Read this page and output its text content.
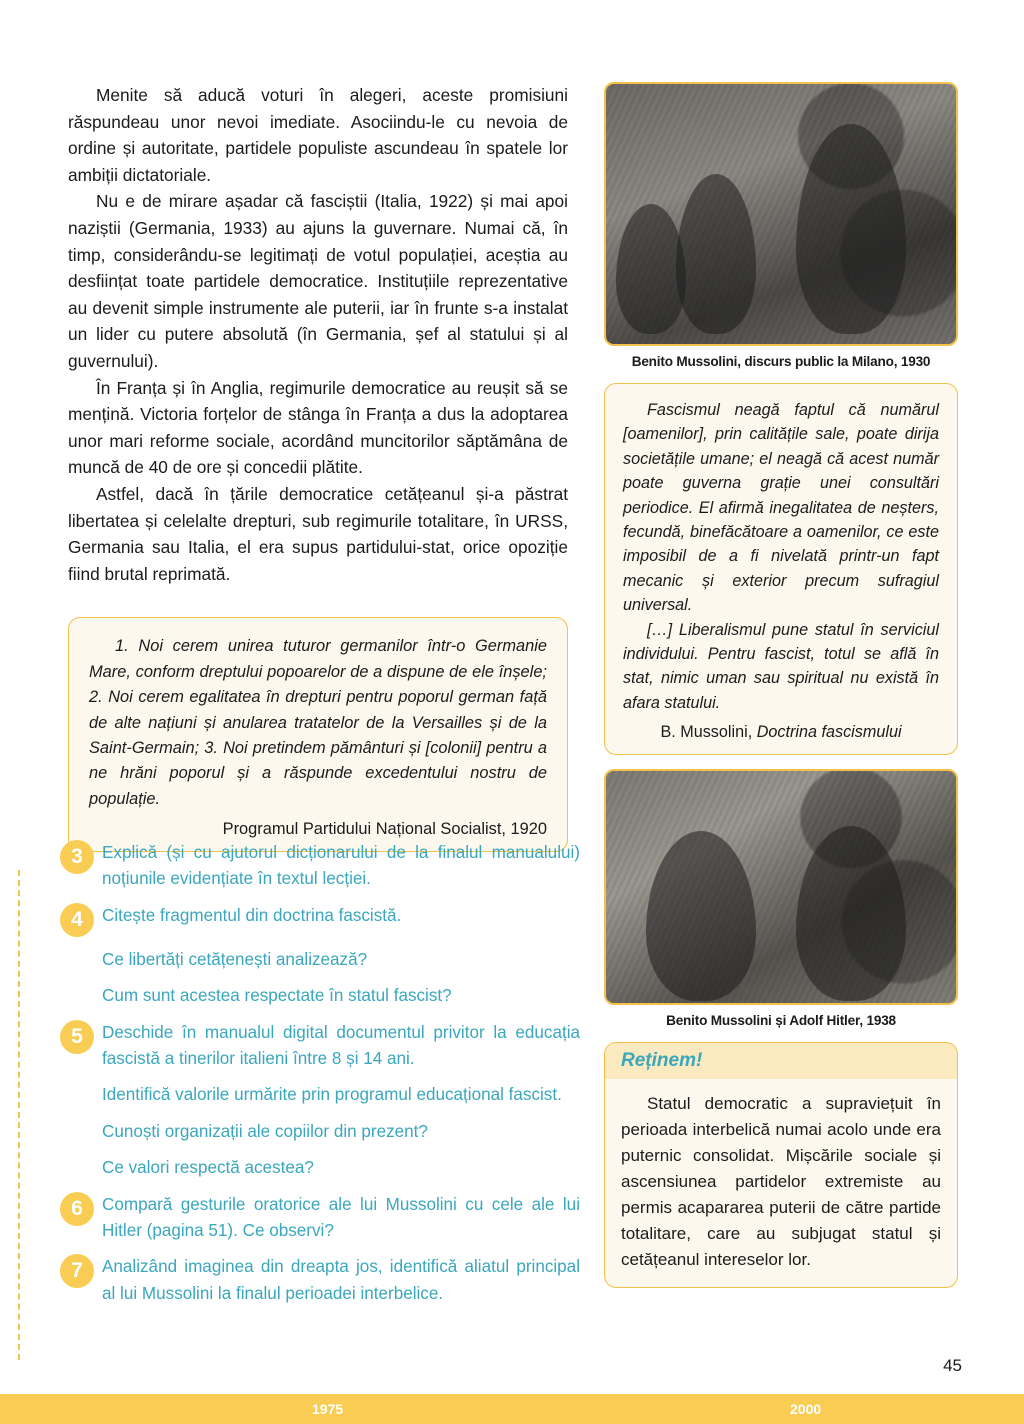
Menite să aducă voturi în alegeri, aceste promisiuni răspundeau unor nevoi imediate. Asociindu-le cu nevoia de ordine și autoritate, partidele populiste ascundeau în spatele lor ambiții dictatoriale.

Nu e de mirare așadar că fasciștii (Italia, 1922) și mai apoi naziștii (Germania, 1933) au ajuns la guvernare. Numai că, în timp, considerându-se legitimați de votul populației, aceștia au desființat toate partidele democratice. Instituțiile reprezentative au devenit simple instrumente ale puterii, iar în frunte s-a instalat un lider cu putere absolută (în Germania, șef al statului și al guvernului).

În Franța și în Anglia, regimurile democratice au reușit să se mențină. Victoria forțelor de stânga în Franța a dus la adoptarea unor mari reforme sociale, acordând muncitorilor săptămâna de muncă de 40 de ore și concedii plătite.

Astfel, dacă în țările democratice cetățeanul și-a păstrat libertatea și celelalte drepturi, sub regimurile totalitare, în URSS, Germania sau Italia, el era supus partidului-stat, orice opoziție fiind brutal reprimată.

1. Noi cerem unirea tuturor germanilor într-o Germanie Mare, conform dreptului popoarelor de a dispune de ele înșele; 2. Noi cerem egalitatea în drepturi pentru poporul german față de alte națiuni și anularea tratatelor de la Versailles și de la Saint-Germain; 3. Noi pretindem pământuri și [colonii] pentru a ne hrăni poporul și a răspunde excedentului nostru de populație.

Programul Partidului Național Socialist, 1920
3	Explică (și cu ajutorul dicționarului de la finalul manualului) noțiunile evidențiate în textul lecției.
4	Citește fragmentul din doctrina fascistă.
Ce libertăți cetățenești analizează?
Cum sunt acestea respectate în statul fascist?
5	Deschide în manualul digital documentul privitor la educația fascistă a tinerilor italieni între 8 și 14 ani.
Identifică valorile urmărite prin programul educațional fascist.
Cunoști organizații ale copiilor din prezent?
Ce valori respectă acestea?
6	Compară gesturile oratorice ale lui Mussolini cu cele ale lui Hitler (pagina 51). Ce observi?
7	Analizând imaginea din dreapta jos, identifică aliatul principal al lui Mussolini la finalul perioadei interbelice.
Benito Mussolini, discurs public la Milano, 1930

Fascismul neagă faptul că numărul [oamenilor], prin calitățile sale, poate dirija societățile umane; el neagă că acest număr poate guverna grație unei consultări periodice. El afirmă inegalitatea de neșters, fecundă, binefăcătoare a oamenilor, ce este imposibil de a fi nivelată printr-un fapt mecanic și exterior precum sufragiul universal.

[…] Liberalismul pune statul în serviciul individului. Pentru fascist, totul se află în stat, nimic uman sau spiritual nu există în afara statului.

B. Mussolini, Doctrina fascismului
Benito Mussolini și Adolf Hitler, 1938
Reținem!
Statul democratic a supraviețuit în perioada interbelică numai acolo unde era puternic consolidat. Mișcările sociale și ascensiunea partidelor extremiste au permis acapararea puterii de către partide totalitare, care au subjugat statul și cetățeanul intereselor lor.
45
1975	2000
